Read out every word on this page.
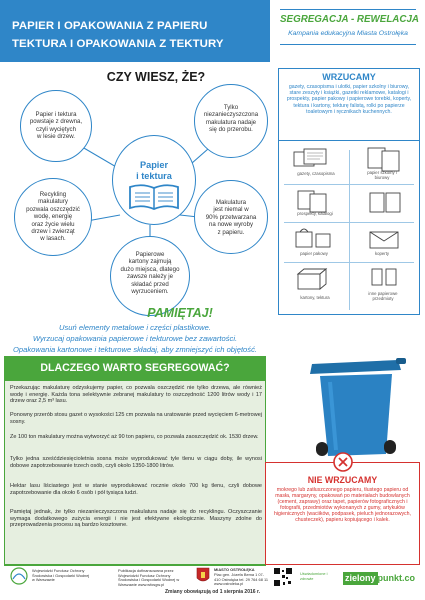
PAPIER I OPAKOWANIA Z PAPIERU
TEKTURA I OPAKOWANIA Z TEKTURY
SEGREGACJA - REWELACJA
Kampania edukacyjna Miasta Ostrołęka
CZY WIESZ, ŻE?
Papier i tektura
powstaje z drewna,
czyli wyciętych
w lesie drzew.
Tylko
niezanieczyszczona
makulatura nadaje
się do przerobu.
Papier
i tektura
Recykling
makulatury
pozwala oszczędzić
wodę, energię
oraz życie wielu
drzew i zwierząt
w lasach.
Makulatura
jest niemal w
90% przetwarzana
na nowe wyroby
z papieru.
Papierowe
kartony zajmują
dużo miejsca, dlatego
zawsze należy je
składać przed
wyrzuceniem.
PAMIĘTAJ!
Usuń elementy metalowe i części plastikowe.
Wyrzucaj opakowania papierowe i tekturowe bez zawartości.
Opakowania kartonowe i tekturowe składaj, aby zmniejszyć ich objętość.
DLACZEGO WARTO SEGREGOWAĆ?
Przekazując makulaturę odzyskujemy papier, co pozwala oszczędzić nie tylko drzewa, ale również wodę i energię. Każda tona selektywnie zebranej makulatury to oszczędność 1200 litrów wody i 17 drzew oraz 2,5 m³ lasu.
Ponowny przerób stosu gazet o wysokości 125 cm pozwala na uratowanie przed wycięciem 6-metrowej sosny.
Ze 100 ton makulatury można wytworzyć aż 90 ton papieru, co pozwala zaoszczędzić ok. 1530 drzew.
Tylko jedna sześćdziesięcioletnia sosna może wyprodukować tyle tlenu w ciągu doby, ile wynosi dobowe zapotrzebowanie trzech osób, czyli około 1350-1800 litrów.
Hektar lasu liściastego jest w stanie wyprodukować rocznie około 700 kg tlenu, czyli dobowe zapotrzebowanie dla około 6 osób i pół tysiąca ludzi.
Pamiętaj jednak, że tylko niezanieczyszczona makulatura nadaje się do recyklingu. Oczyszczanie wymaga dodatkowego zużycia energii i nie jest efektywne ekologicznie. Maszyny zdolne do przeprowadzenia procesu są bardzo kosztowne.
WRZUCAMY
gazety, czasopisma i ulotki, papier szkolny i biurowy, stare zeszyty i książki, gazetki reklamowe, katalogi i prospekty, papier pakowy i papierowe torebki, koperty, tektura i kartony, tekturę falistą, rolki po papierze toaletowym i ręcznikach kuchennych.
gazety, czasopisma	papier szkolny i biurowy
prospekty, katalogi
papier pakowy	koperty
kartony, tektura
inne papierowe przedmioty
NIE WRZUCAMY
mokrego lub zatłuszczonego papieru, tłustego papieru od masła, margaryny, opakowań po materiałach budowlanych (cement, zaprawy) oraz tapet, papierów fotograficznych i fotografii, przedmiotów wykonanych z gumy, artykułów higienicznych (waciików, podpasek, pieluch jednorazowych, chusteczek), papieru kopiującego i kalek.
Wojewódzki Fundusz Ochrony Środowiska i Gospodarki Wodnej w Warszawie
Publikacja dofinansowana przez Wojewódzki Fundusz Ochrony Środowiska i Gospodarki Wodnej w Warszawie www.wfosgw.pl
MIASTO OSTROŁĘKA
Plac gen. Józefa Bema 1 07-410 Ostrołęka tel. 29 764 68 11 www.ostroleka.pl
Uświadomione i zdrowie	zielony punkt.co
Zmiany obowiązują od 1 sierpnia 2016 r.
